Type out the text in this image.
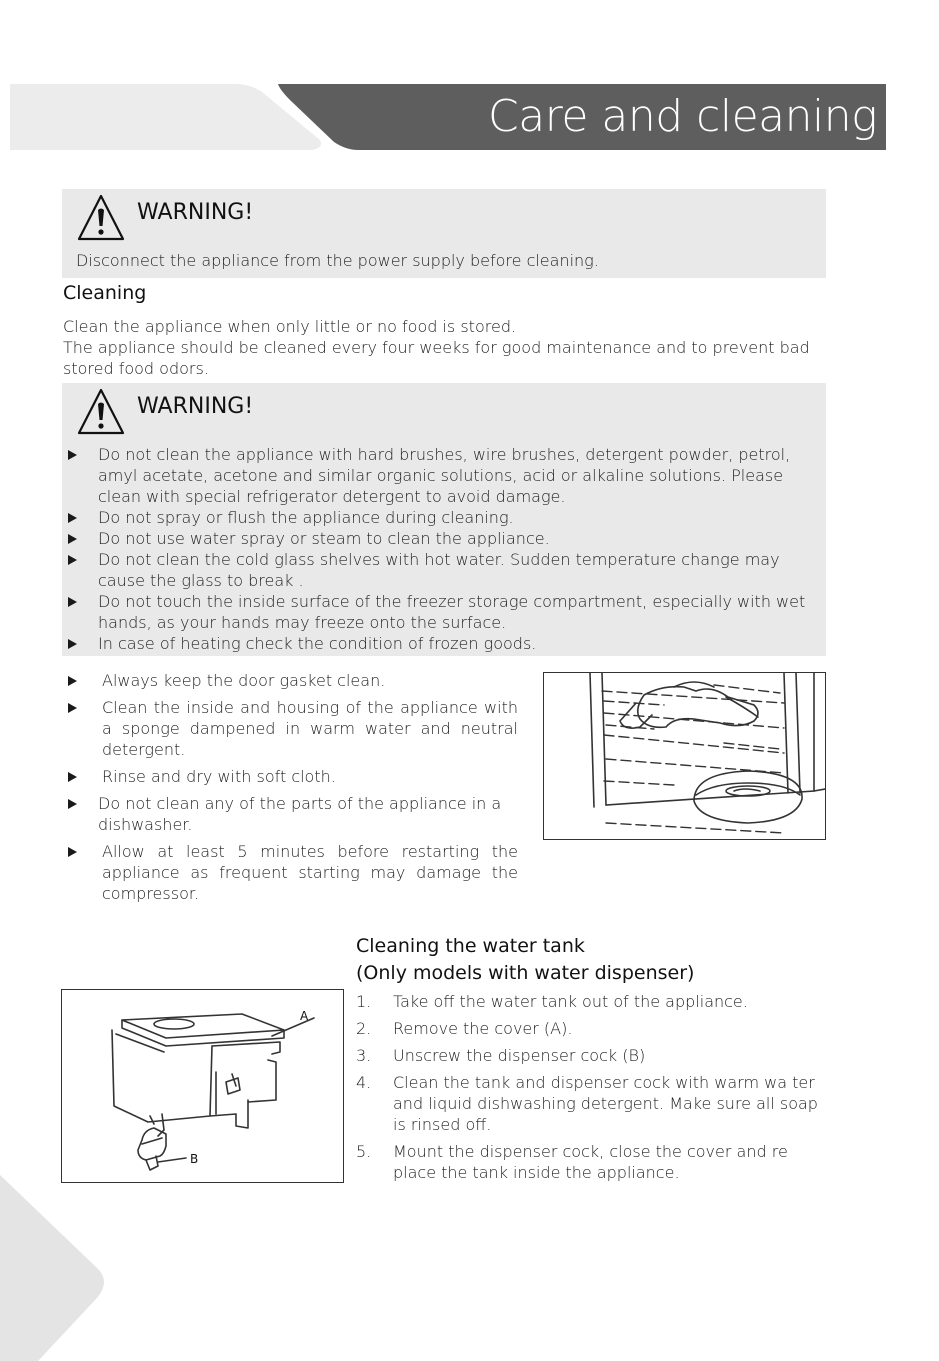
Care and cleaning
WARNING!
Disconnect the appliance from the power supply before cleaning.
Cleaning
Clean the appliance when only little or no food is stored.
The appliance should be cleaned every four weeks for good maintenance and to prevent bad stored food odors.
WARNING!
Do not clean the appliance with hard brushes, wire brushes, detergent powder, petrol, amyl acetate, acetone and similar organic solutions, acid or alkaline solutions. Please clean with special refrigerator detergent to avoid damage.
Do not spray or flush the appliance during cleaning.
Do not use water spray or steam to clean the appliance.
Do not clean the cold glass shelves with hot water. Sudden temperature change may cause the glass to break .
Do not touch the inside surface of the freezer storage compartment, especially with wet hands, as your hands may freeze onto the surface.
In case of heating check the condition of frozen goods.
Always keep the door gasket clean.
Clean the inside and housing of the appliance with a sponge dampened in warm water and neutral detergent.
Rinse and dry with soft cloth.
Do not clean any of the parts of the appliance in a dishwasher.
Allow at least 5 minutes before restarting the appliance as frequent starting may damage the compressor.
Cleaning the water tank
(Only models with water dispenser)
1. Take off the water tank out of the appliance.
2. Remove the cover (A).
3. Unscrew the dispenser cock (B)
4. Clean the tank and dispenser cock with warm wa ter and liquid dishwashing detergent. Make sure all soap is rinsed off.
5. Mount the dispenser cock, close the cover and re place the tank inside the appliance.
A
B
